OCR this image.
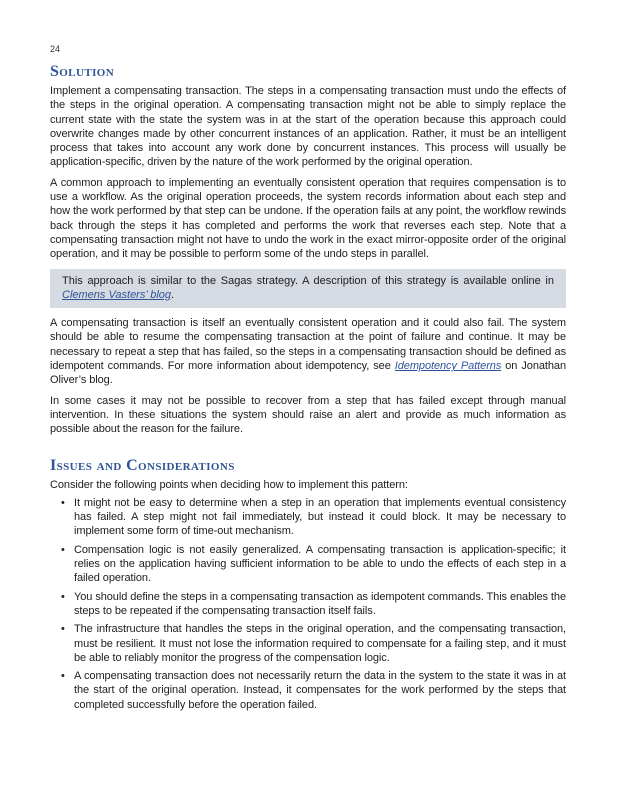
24
Solution

Implement a compensating transaction. The steps in a compensating transaction must undo the effects of the steps in the original operation. A compensating transaction might not be able to simply replace the current state with the state the system was in at the start of the operation because this approach could overwrite changes made by other concurrent instances of an application. Rather, it must be an intelligent process that takes into account any work done by concurrent instances. This process will usually be application-specific, driven by the nature of the work performed by the original operation.

A common approach to implementing an eventually consistent operation that requires compensation is to use a workflow. As the original operation proceeds, the system records information about each step and how the work performed by that step can be undone. If the operation fails at any point, the workflow rewinds back through the steps it has completed and performs the work that reverses each step. Note that a compensating transaction might not have to undo the work in the exact mirror-opposite order of the original operation, and it may be possible to perform some of the undo steps in parallel.

This approach is similar to the Sagas strategy. A description of this strategy is available online in Clemens Vasters’ blog.

A compensating transaction is itself an eventually consistent operation and it could also fail. The system should be able to resume the compensating transaction at the point of failure and continue. It may be necessary to repeat a step that has failed, so the steps in a compensating transaction should be defined as idempotent commands. For more information about idempotency, see Idempotency Patterns on Jonathan Oliver’s blog.

In some cases it may not be possible to recover from a step that has failed except through manual intervention. In these situations the system should raise an alert and provide as much information as possible about the reason for the failure.

Issues and Considerations

Consider the following points when deciding how to implement this pattern:

• It might not be easy to determine when a step in an operation that implements eventual consistency has failed. A step might not fail immediately, but instead it could block. It may be necessary to implement some form of time-out mechanism.
• Compensation logic is not easily generalized. A compensating transaction is application-specific; it relies on the application having sufficient information to be able to undo the effects of each step in a failed operation.
• You should define the steps in a compensating transaction as idempotent commands. This enables the steps to be repeated if the compensating transaction itself fails.
• The infrastructure that handles the steps in the original operation, and the compensating transaction, must be resilient. It must not lose the information required to compensate for a failing step, and it must be able to reliably monitor the progress of the compensation logic.
• A compensating transaction does not necessarily return the data in the system to the state it was in at the start of the original operation. Instead, it compensates for the work performed by the steps that completed successfully before the operation failed.
